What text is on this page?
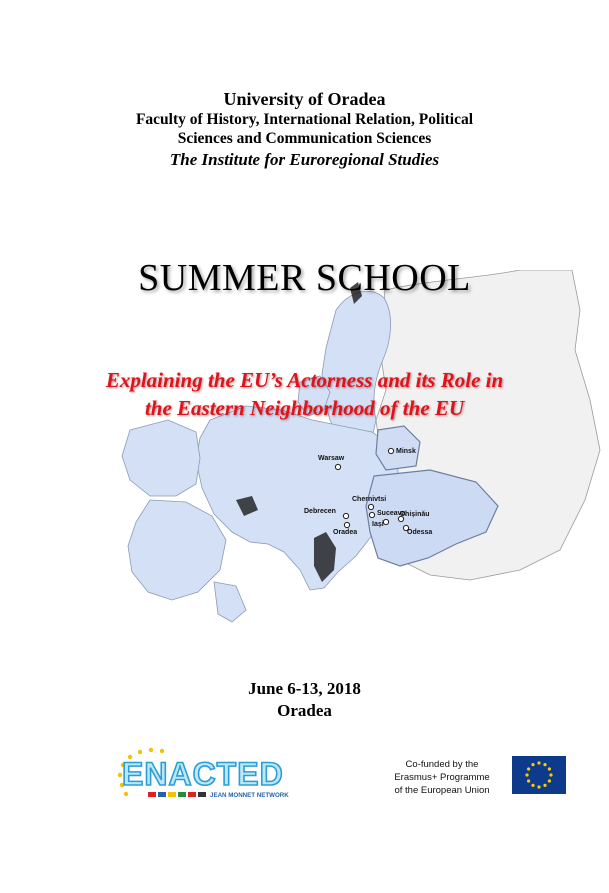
Minsk
Warsaw
Chernivtsi
Suceava
Iași
Chișinău
Odessa
Debrecen
Oradea
University of Oradea
Faculty of History, International Relation, Political
Sciences and Communication Sciences
The Institute for Euroregional Studies
SUMMER SCHOOL
Explaining the EU’s Actorness and its Role in
the Eastern Neighborhood of the EU
June 6-13, 2018
Oradea
ENACTED
JEAN MONNET NETWORK
Co-funded by the
Erasmus+ Programme
of the European Union
